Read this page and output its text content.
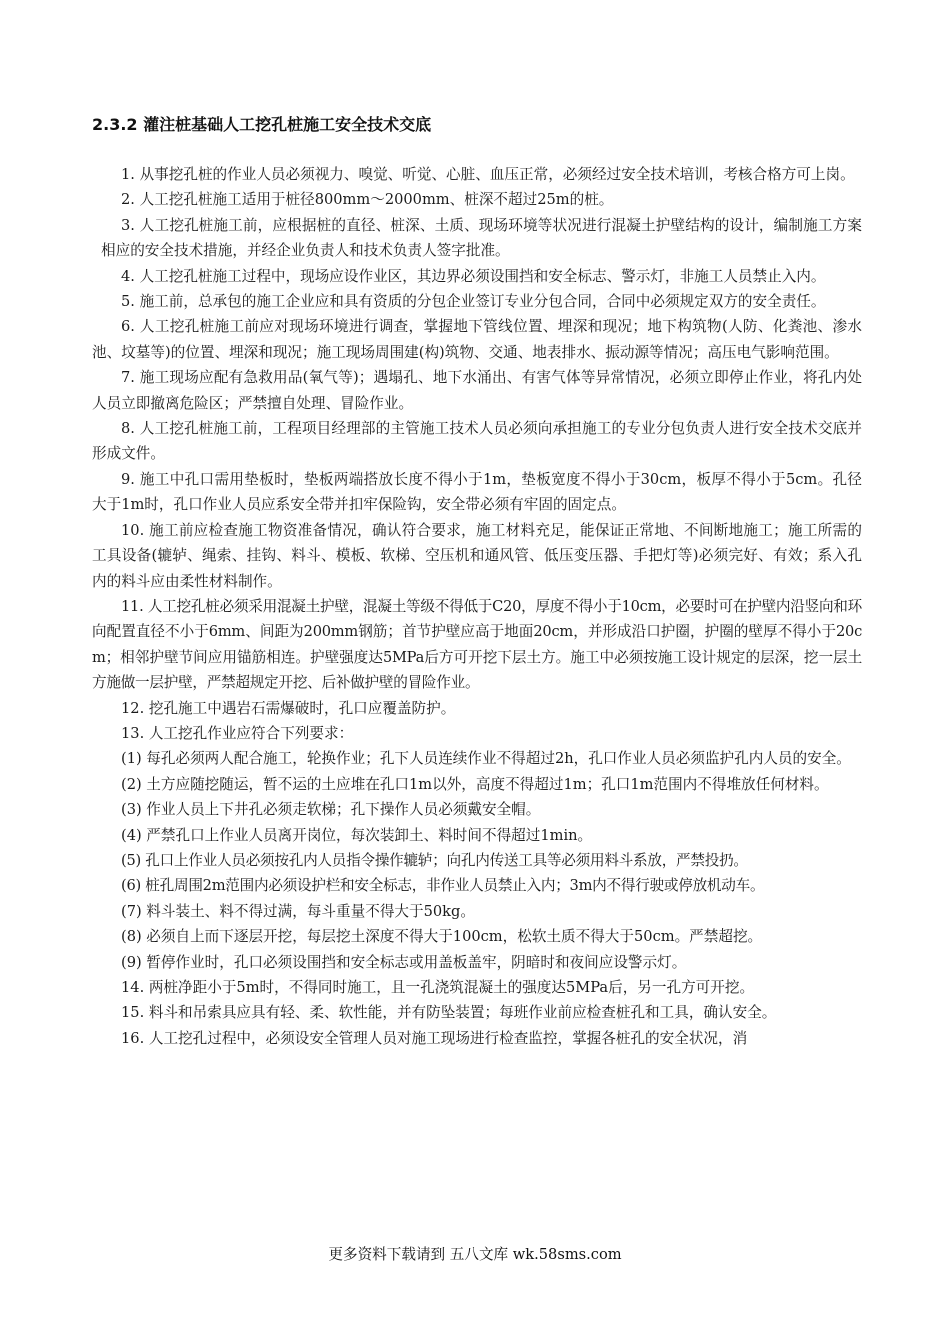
2.3.2 灌注桩基础人工挖孔桩施工安全技术交底

1. 从事挖孔桩的作业人员必须视力、嗅觉、听觉、心脏、血压正常，必须经过安全技术培训，考核合格方可上岗。

2. 人工挖孔桩施工适用于桩径800mm～2000mm、桩深不超过25m的桩。

3. 人工挖孔桩施工前，应根据桩的直径、桩深、土质、现场环境等状况进行混凝土护壁结构的设计，编制施工方案相应的安全技术措施，并经企业负责人和技术负责人签字批准。

4. 人工挖孔桩施工过程中，现场应设作业区，其边界必须设围挡和安全标志、警示灯，非施工人员禁止入内。

5. 施工前，总承包的施工企业应和具有资质的分包企业签订专业分包合同，合同中必须规定双方的安全责任。

6. 人工挖孔桩施工前应对现场环境进行调查，掌握地下管线位置、埋深和现况；地下构筑物(人防、化粪池、渗水池、坟墓等)的位置、埋深和现况；施工现场周围建(构)筑物、交通、地表排水、振动源等情况；高压电气影响范围。

7. 施工现场应配有急救用品(氧气等)；遇塌孔、地下水涌出、有害气体等异常情况，必须立即停止作业，将孔内处人员立即撤离危险区；严禁擅自处理、冒险作业。

8. 人工挖孔桩施工前，工程项目经理部的主管施工技术人员必须向承担施工的专业分包负责人进行安全技术交底并形成文件。

9. 施工中孔口需用垫板时，垫板两端搭放长度不得小于1m，垫板宽度不得小于30cm，板厚不得小于5cm。孔径大于1m时，孔口作业人员应系安全带并扣牢保险钩，安全带必须有牢固的固定点。

10. 施工前应检查施工物资准备情况，确认符合要求，施工材料充足，能保证正常地、不间断地施工；施工所需的工具设备(辘轳、绳索、挂钩、料斗、模板、软梯、空压机和通风管、低压变压器、手把灯等)必须完好、有效；系入孔内的料斗应由柔性材料制作。

11. 人工挖孔桩必须采用混凝土护壁，混凝土等级不得低于C20，厚度不得小于10cm，必要时可在护壁内沿竖向和环向配置直径不小于6mm、间距为200mm钢筋；首节护壁应高于地面20cm，并形成沿口护圈，护圈的壁厚不得小于20cm；相邻护壁节间应用锚筋相连。护壁强度达5MPa后方可开挖下层土方。施工中必须按施工设计规定的层深，挖一层土方施做一层护壁，严禁超规定开挖、后补做护壁的冒险作业。

12. 挖孔施工中遇岩石需爆破时，孔口应覆盖防护。

13. 人工挖孔作业应符合下列要求：

(1) 每孔必须两人配合施工，轮换作业；孔下人员连续作业不得超过2h，孔口作业人员必须监护孔内人员的安全。

(2) 土方应随挖随运，暂不运的土应堆在孔口1m以外，高度不得超过1m；孔口1m范围内不得堆放任何材料。

(3) 作业人员上下井孔必须走软梯；孔下操作人员必须戴安全帽。

(4) 严禁孔口上作业人员离开岗位，每次装卸土、料时间不得超过1min。

(5) 孔口上作业人员必须按孔内人员指令操作辘轳；向孔内传送工具等必须用料斗系放，严禁投扔。

(6) 桩孔周围2m范围内必须设护栏和安全标志，非作业人员禁止入内；3m内不得行驶或停放机动车。

(7) 料斗装土、料不得过满，每斗重量不得大于50kg。

(8) 必须自上而下逐层开挖，每层挖土深度不得大于100cm，松软土质不得大于50cm。严禁超挖。

(9) 暂停作业时，孔口必须设围挡和安全标志或用盖板盖牢，阴暗时和夜间应设警示灯。

14. 两桩净距小于5m时，不得同时施工，且一孔浇筑混凝土的强度达5MPa后，另一孔方可开挖。

15. 料斗和吊索具应具有轻、柔、软性能，并有防坠装置；每班作业前应检查桩孔和工具，确认安全。

16. 人工挖孔过程中，必须设安全管理人员对施工现场进行检查监控，掌握各桩孔的安全状况，消

更多资料下载请到 五八文库 wk.58sms.com
